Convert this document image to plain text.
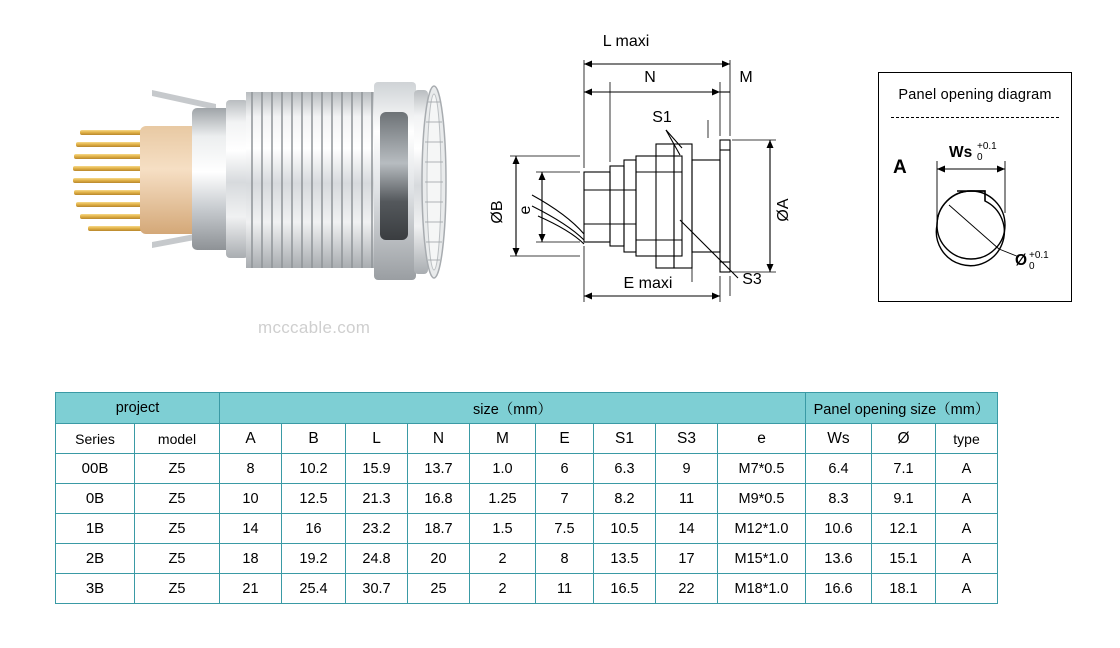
L maxi
N	M
S1
S3
E maxi
ØB e	ØA
Panel opening diagram
A
Ws +0.1
0
Ø +0.1
0
mcccable.com
project		size（mm）									Panel opening size（mm）		
Series	model	A	B	L	N	M	E	S1	S3	e	Ws	Ø	type
00B	Z5	8	10.2	15.9	13.7	1.0	6	6.3	9	M7*0.5	6.4	7.1	A
0B	Z5	10	12.5	21.3	16.8	1.25	7	8.2	11	M9*0.5	8.3	9.1	A
1B	Z5	14	16	23.2	18.7	1.5	7.5	10.5	14	M12*1.0	10.6	12.1	A
2B	Z5	18	19.2	24.8	20	2	8	13.5	17	M15*1.0	13.6	15.1	A
3B	Z5	21	25.4	30.7	25	2	11	16.5	22	M18*1.0	16.6	18.1	A
